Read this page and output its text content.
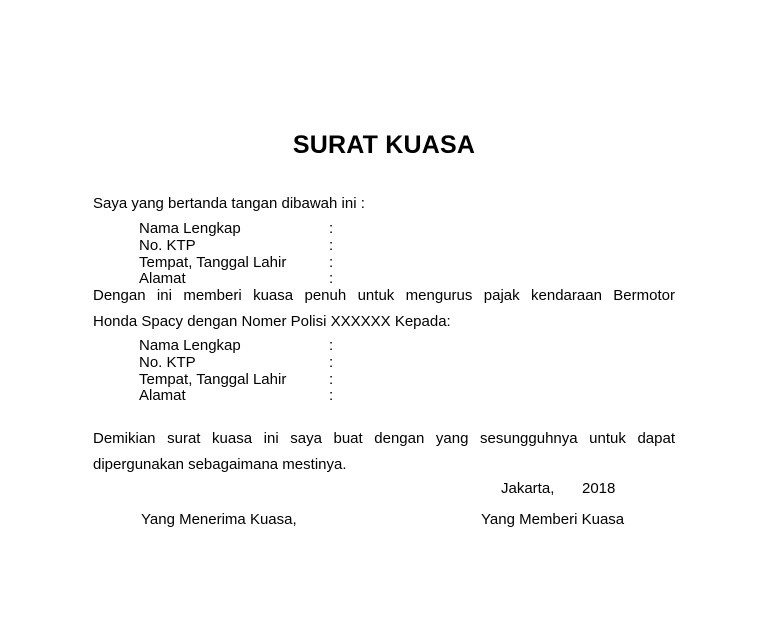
SURAT KUASA
Saya yang bertanda tangan dibawah ini :
Nama Lengkap	:
No. KTP	:
Tempat, Tanggal Lahir	:
Alamat	:
Dengan ini memberi kuasa penuh untuk mengurus pajak kendaraan Bermotor
Honda Spacy dengan Nomer Polisi XXXXXX Kepada:
Nama Lengkap	:
No. KTP	:
Tempat, Tanggal Lahir	:
Alamat	:
Demikian surat kuasa ini saya buat dengan yang sesungguhnya untuk dapat
dipergunakan sebagaimana mestinya.
Jakarta, 2018
Yang Menerima Kuasa,	Yang Memberi Kuasa
